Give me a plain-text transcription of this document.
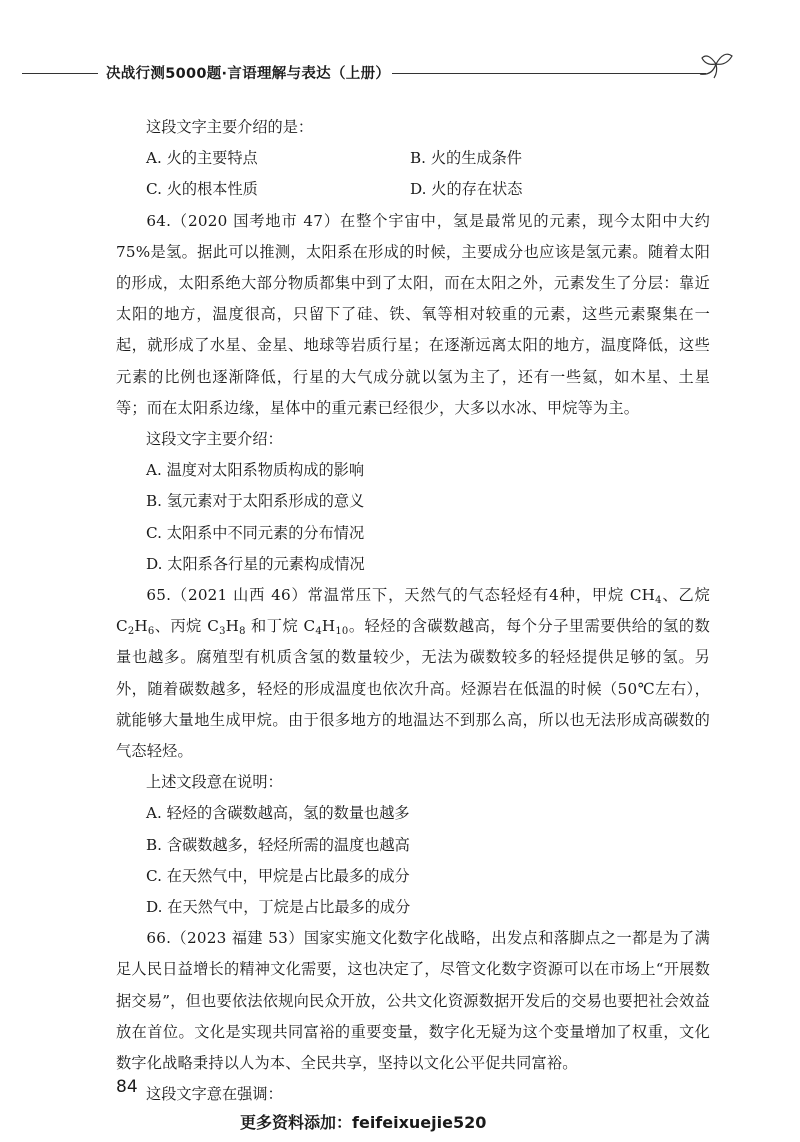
决战行测5000题·言语理解与表达（上册）

这段文字主要介绍的是：

A. 火的主要特点	B. 火的生成条件
C. 火的根本性质	D. 火的存在状态

64.（2020 国考地市 47）在整个宇宙中，氢是最常见的元素，现今太阳中大约75%是氢。据此可以推测，太阳系在形成的时候，主要成分也应该是氢元素。随着太阳的形成，太阳系绝大部分物质都集中到了太阳，而在太阳之外，元素发生了分层：靠近太阳的地方，温度很高，只留下了硅、铁、氧等相对较重的元素，这些元素聚集在一起，就形成了水星、金星、地球等岩质行星；在逐渐远离太阳的地方，温度降低，这些元素的比例也逐渐降低，行星的大气成分就以氢为主了，还有一些氦，如木星、土星等；而在太阳系边缘，星体中的重元素已经很少，大多以水冰、甲烷等为主。

这段文字主要介绍：

A. 温度对太阳系物质构成的影响

B. 氢元素对于太阳系形成的意义

C. 太阳系中不同元素的分布情况

D. 太阳系各行星的元素构成情况

65.（2021 山西 46）常温常压下，天然气的气态轻烃有4种，甲烷 $CH_4$、乙烷 $C_2H_6$、丙烷 $C_3H_8$ 和丁烷 $C_4H_{10}$。轻烃的含碳数越高，每个分子里需要供给的氢的数量也越多。腐殖型有机质含氢的数量较少，无法为碳数较多的轻烃提供足够的氢。另外，随着碳数越多，轻烃的形成温度也依次升高。烃源岩在低温的时候（50℃左右），就能够大量地生成甲烷。由于很多地方的地温达不到那么高，所以也无法形成高碳数的气态轻烃。

上述文段意在说明：

A. 轻烃的含碳数越高，氢的数量也越多

B. 含碳数越多，轻烃所需的温度也越高

C. 在天然气中，甲烷是占比最多的成分

D. 在天然气中，丁烷是占比最多的成分

66.（2023 福建 53）国家实施文化数字化战略，出发点和落脚点之一都是为了满足人民日益增长的精神文化需要，这也决定了，尽管文化数字资源可以在市场上“开展数据交易”，但也要依法依规向民众开放，公共文化资源数据开发后的交易也要把社会效益放在首位。文化是实现共同富裕的重要变量，数字化无疑为这个变量增加了权重，文化数字化战略秉持以人为本、全民共享，坚持以文化公平促共同富裕。

这段文字意在强调：

84
更多资料添加：feifeixuejie520
